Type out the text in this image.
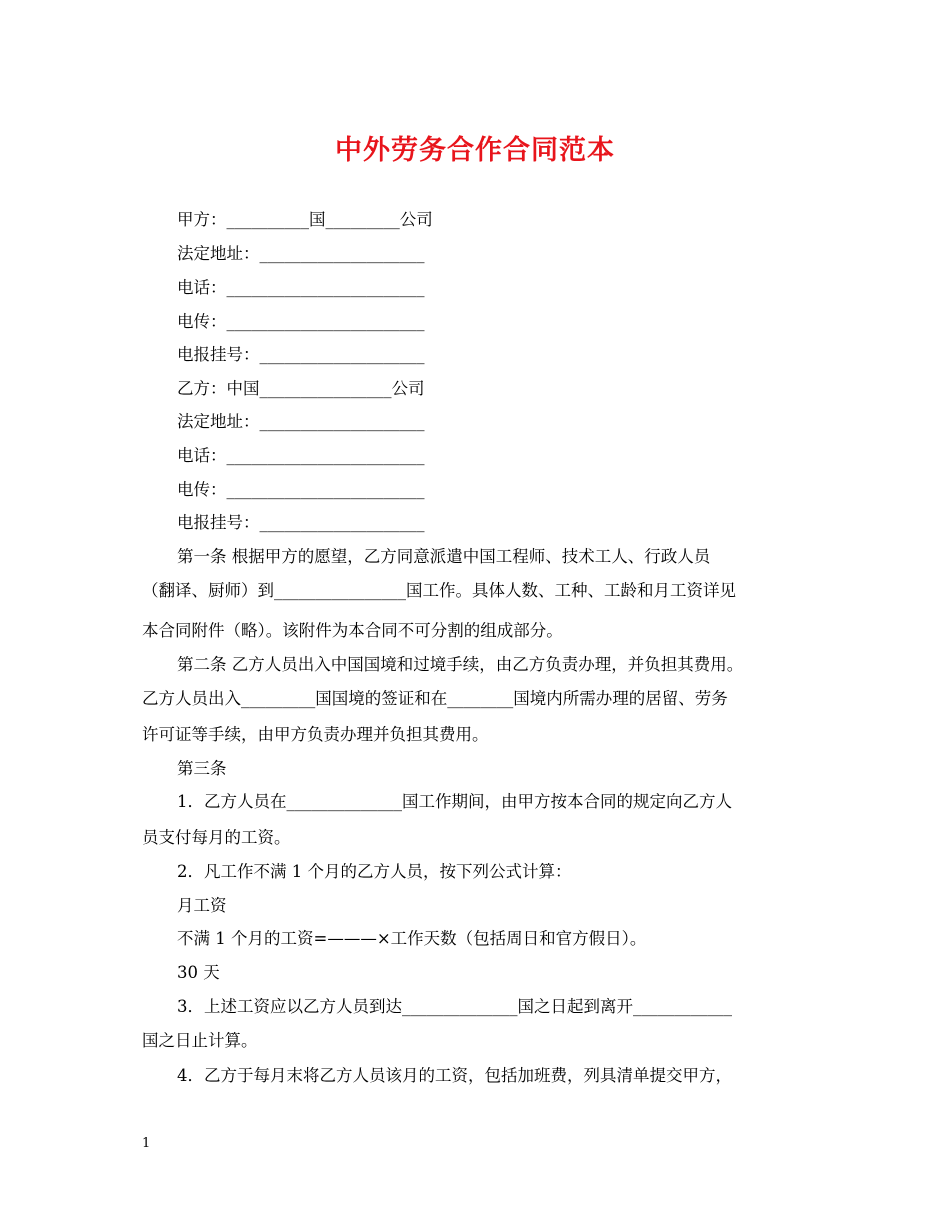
中外劳务合作合同范本
甲方：__________国_________公司
法定地址：____________________
电话：________________________
电传：________________________
电报挂号：____________________
乙方：中国________________公司
法定地址：____________________
电话：________________________
电传：________________________
电报挂号：____________________
第一条 根据甲方的愿望，乙方同意派遣中国工程师、技术工人、行政人员
（翻译、厨师）到________________国工作。具体人数、工种、工龄和月工资详见
本合同附件（略）。该附件为本合同不可分割的组成部分。
第二条 乙方人员出入中国国境和过境手续，由乙方负责办理，并负担其费用。
乙方人员出入_________国国境的签证和在________国境内所需办理的居留、劳务
许可证等手续，由甲方负责办理并负担其费用。
第三条
1．乙方人员在______________国工作期间，由甲方按本合同的规定向乙方人
员支付每月的工资。
2．凡工作不满 1 个月的乙方人员，按下列公式计算：
月工资
不满 1 个月的工资=———×工作天数（包括周日和官方假日）。
30 天
3．上述工资应以乙方人员到达______________国之日起到离开____________
国之日止计算。
4．乙方于每月末将乙方人员该月的工资，包括加班费，列具清单提交甲方，
1
